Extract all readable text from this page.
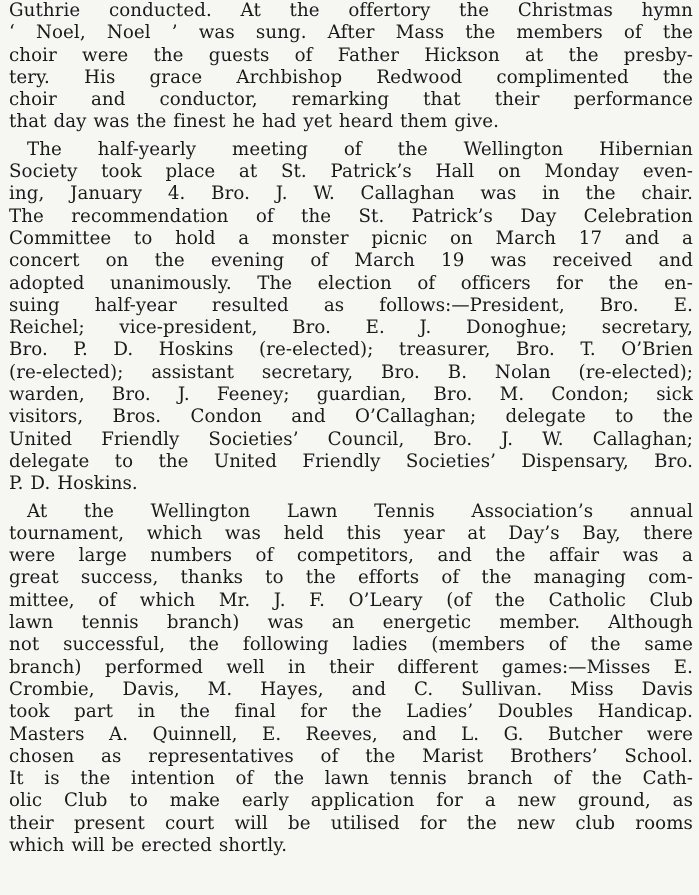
Guthrie conducted. At the offertory the Christmas hymn
‘ Noel, Noel ’ was sung. After Mass the members of the
choir were the guests of Father Hickson at the presby-
tery. His grace Archbishop Redwood complimented the
choir and conductor, remarking that their performance
that day was the finest he had yet heard them give.
The half-yearly meeting of the Wellington Hibernian
Society took place at St. Patrick’s Hall on Monday even-
ing, January 4. Bro. J. W. Callaghan was in the chair.
The recommendation of the St. Patrick’s Day Celebration
Committee to hold a monster picnic on March 17 and a
concert on the evening of March 19 was received and
adopted unanimously. The election of officers for the en-
suing half-year resulted as follows:—President, Bro. E.
Reichel; vice-president, Bro. E. J. Donoghue; secretary,
Bro. P. D. Hoskins (re-elected); treasurer, Bro. T. O’Brien
(re-elected); assistant secretary, Bro. B. Nolan (re-elected);
warden, Bro. J. Feeney; guardian, Bro. M. Condon; sick
visitors, Bros. Condon and O’Callaghan; delegate to the
United Friendly Societies’ Council, Bro. J. W. Callaghan;
delegate to the United Friendly Societies’ Dispensary, Bro.
P. D. Hoskins.
At the Wellington Lawn Tennis Association’s annual
tournament, which was held this year at Day’s Bay, there
were large numbers of competitors, and the affair was a
great success, thanks to the efforts of the managing com-
mittee, of which Mr. J. F. O’Leary (of the Catholic Club
lawn tennis branch) was an energetic member. Although
not successful, the following ladies (members of the same
branch) performed well in their different games:—Misses E.
Crombie, Davis, M. Hayes, and C. Sullivan. Miss Davis
took part in the final for the Ladies’ Doubles Handicap.
Masters A. Quinnell, E. Reeves, and L. G. Butcher were
chosen as representatives of the Marist Brothers’ School.
It is the intention of the lawn tennis branch of the Cath-
olic Club to make early application for a new ground, as
their present court will be utilised for the new club rooms
which will be erected shortly.
